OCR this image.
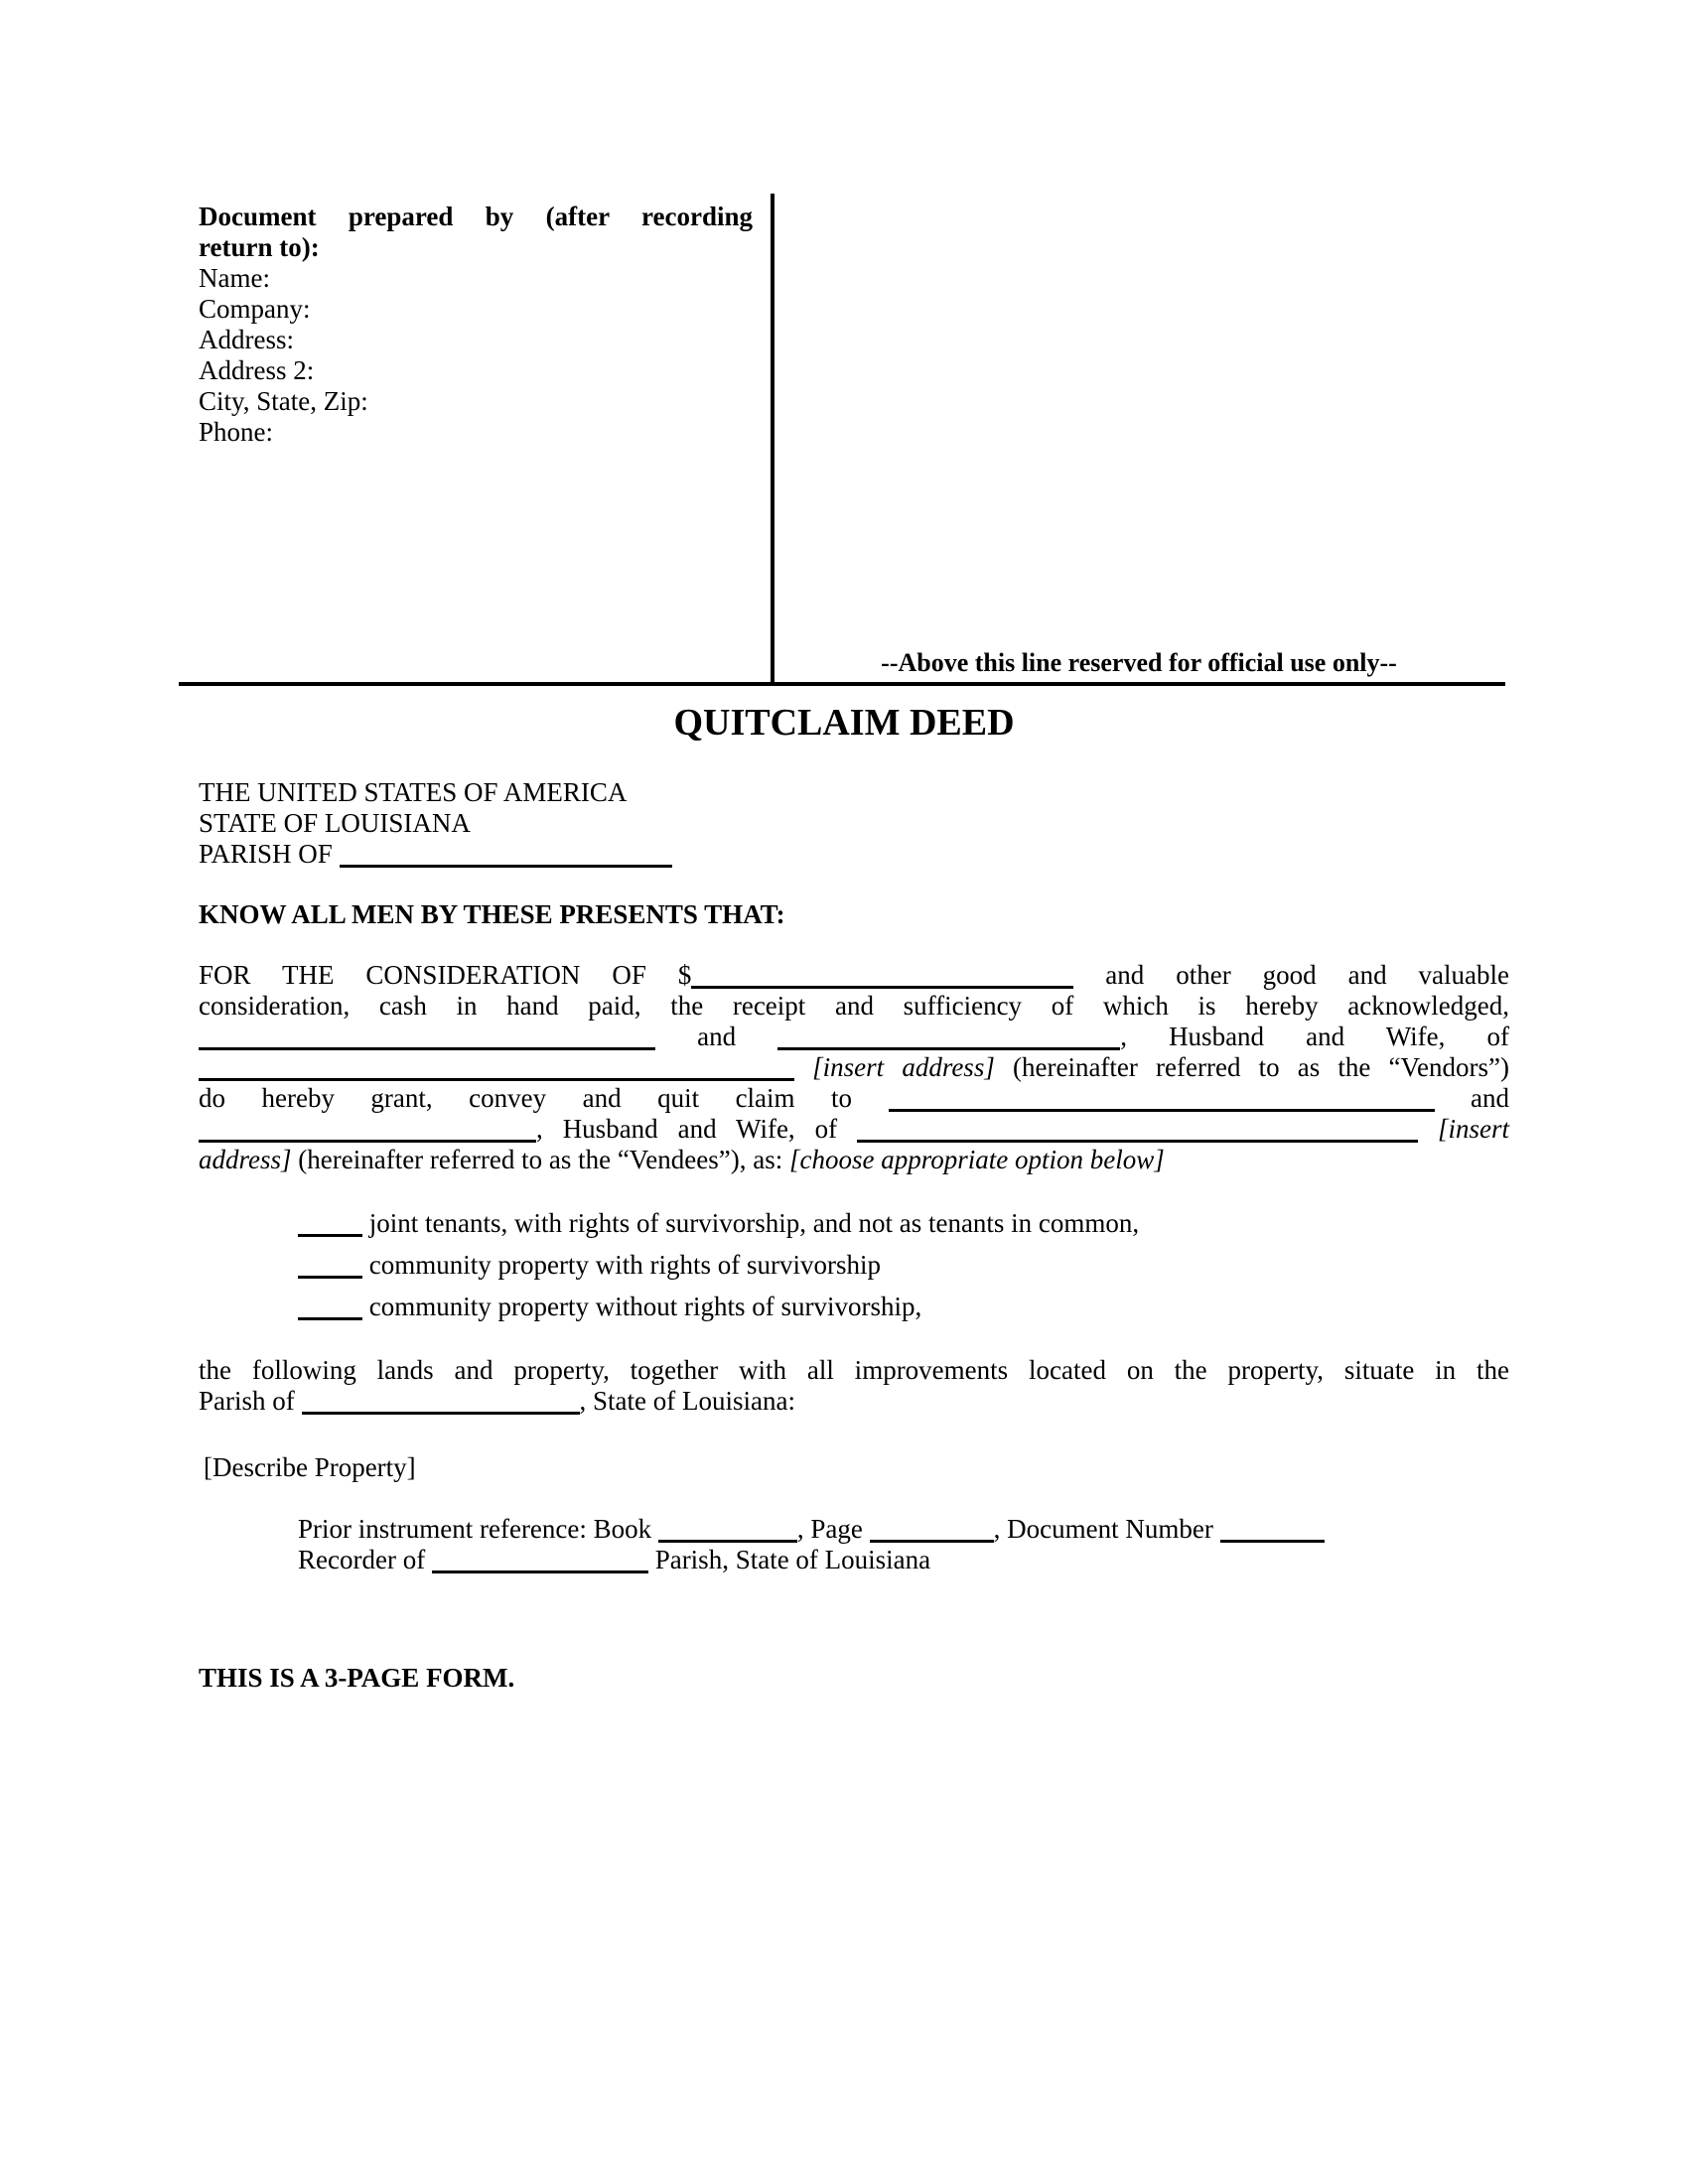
Document prepared by (after recording
return to):
Name:
Company:
Address:
Address 2:
City, State, Zip:
Phone:
--Above this line reserved for official use only--
QUITCLAIM DEED
THE UNITED STATES OF AMERICA
STATE OF LOUISIANA
PARISH OF
KNOW ALL MEN BY THESE PRESENTS THAT:
FOR THE CONSIDERATION OF $	and other good and valuable
consideration, cash in hand paid, the receipt and sufficiency of which is hereby acknowledged,
and	, Husband and Wife, of
[insert address] (hereinafter referred to as the “Vendors”)
do hereby grant, convey and quit claim to	and
, Husband and Wife, of	[insert
address] (hereinafter referred to as the “Vendees”), as: [choose appropriate option below]
joint tenants, with rights of survivorship, and not as tenants in common,
community property with rights of survivorship
community property without rights of survivorship,
the following lands and property, together with all improvements located on the property, situate in the
Parish of	, State of Louisiana:
[Describe Property]
Prior instrument reference: Book	, Page	, Document Number
Recorder of	Parish, State of Louisiana
THIS IS A 3-PAGE FORM.
